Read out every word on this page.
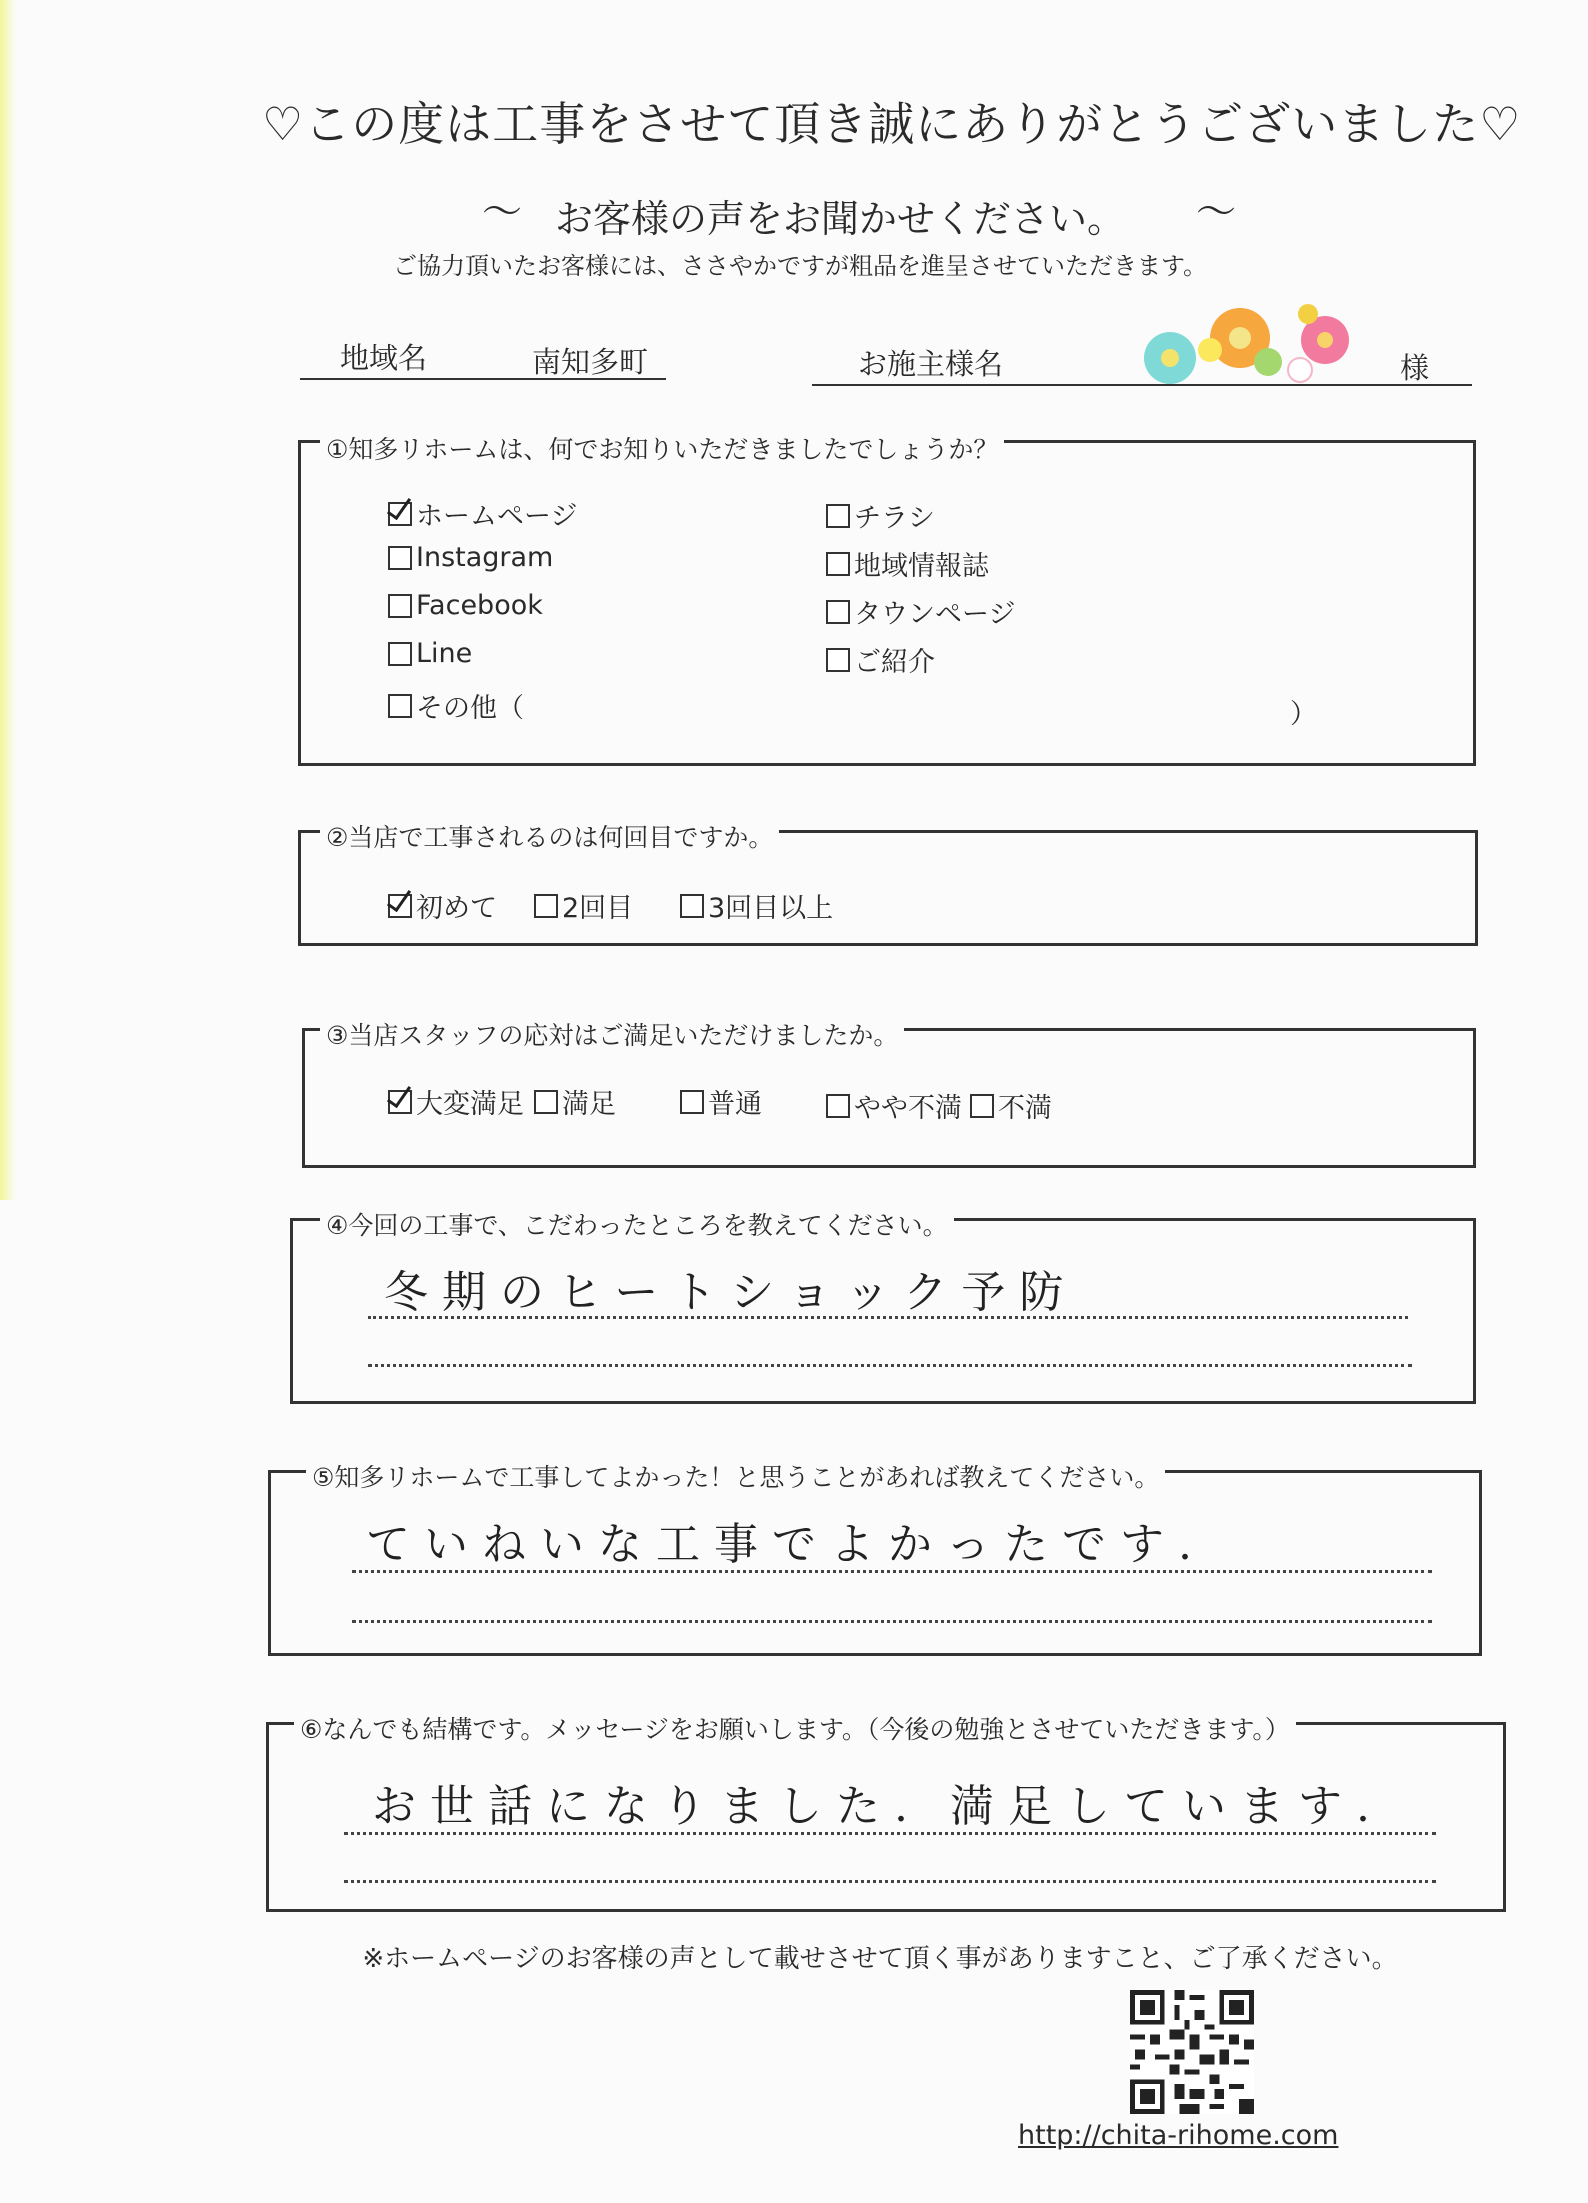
♡この度は工事をさせて頂き誠にありがとうございました♡
～ お客様の声をお聞かせください。	～
ご協力頂いたお客様には、ささやかですが粗品を進呈させていただきます。
地域名	南知多町	お施主様名	様
①知多リホームは、何でお知りいただきましたでしょうか？
ホームページ
Instagram
Facebook
Line
その他（	）
チラシ
地域情報誌
タウンページ
ご紹介
②当店で工事されるのは何回目ですか。
初めて 2回目	3回目以上
③当店スタッフの応対はご満足いただけましたか。
大変満足 満足	普通	やや不満 不満
④今回の工事で、こだわったところを教えてください。
冬期のヒートショック予防
⑤知多リホームで工事してよかった！と思うことがあれば教えてください。
ていねいな工事でよかったです.
⑥なんでも結構です。メッセージをお願いします。（今後の勉強とさせていただきます。）
お世話になりました. 満足しています.
※ホームページのお客様の声として載せさせて頂く事がありますこと、ご了承ください。
http://chita-rihome.com
